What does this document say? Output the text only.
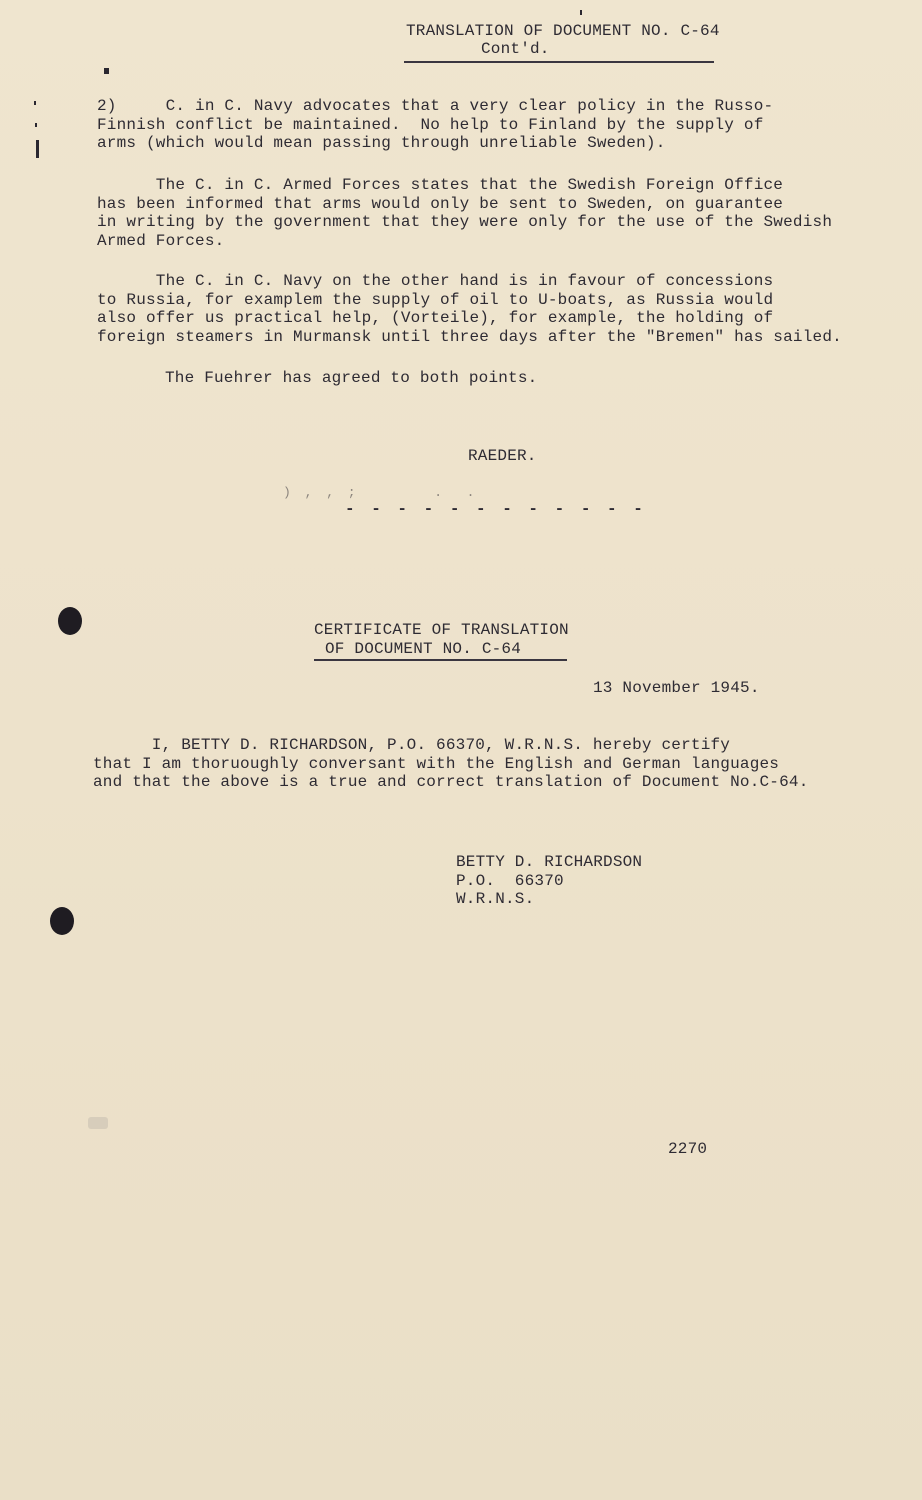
TRANSLATION OF DOCUMENT NO. C-64
Cont'd.
2)     C. in C. Navy advocates that a very clear policy in the Russo-
Finnish conflict be maintained.  No help to Finland by the supply of
arms (which would mean passing through unreliable Sweden).
The C. in C. Armed Forces states that the Swedish Foreign Office
has been informed that arms would only be sent to Sweden, on guarantee
in writing by the government that they were only for the use of the Swedish
Armed Forces.
The C. in C. Navy on the other hand is in favour of concessions
to Russia, for examplem the supply of oil to U-boats, as Russia would
also offer us practical help, (Vorteile), for example, the holding of
foreign steamers in Murmansk until three days after the "Bremen" has sailed.
The Fuehrer has agreed to both points.
RAEDER.
) , , ;       .  .
- - - - - - - - - - - -
CERTIFICATE OF TRANSLATION
OF DOCUMENT NO. C-64
13 November 1945.
I, BETTY D. RICHARDSON, P.O. 66370, W.R.N.S. hereby certify
that I am thoruoughly conversant with the English and German languages
and that the above is a true and correct translation of Document No.C-64.
BETTY D. RICHARDSON
P.O.  66370
W.R.N.S.
2270
